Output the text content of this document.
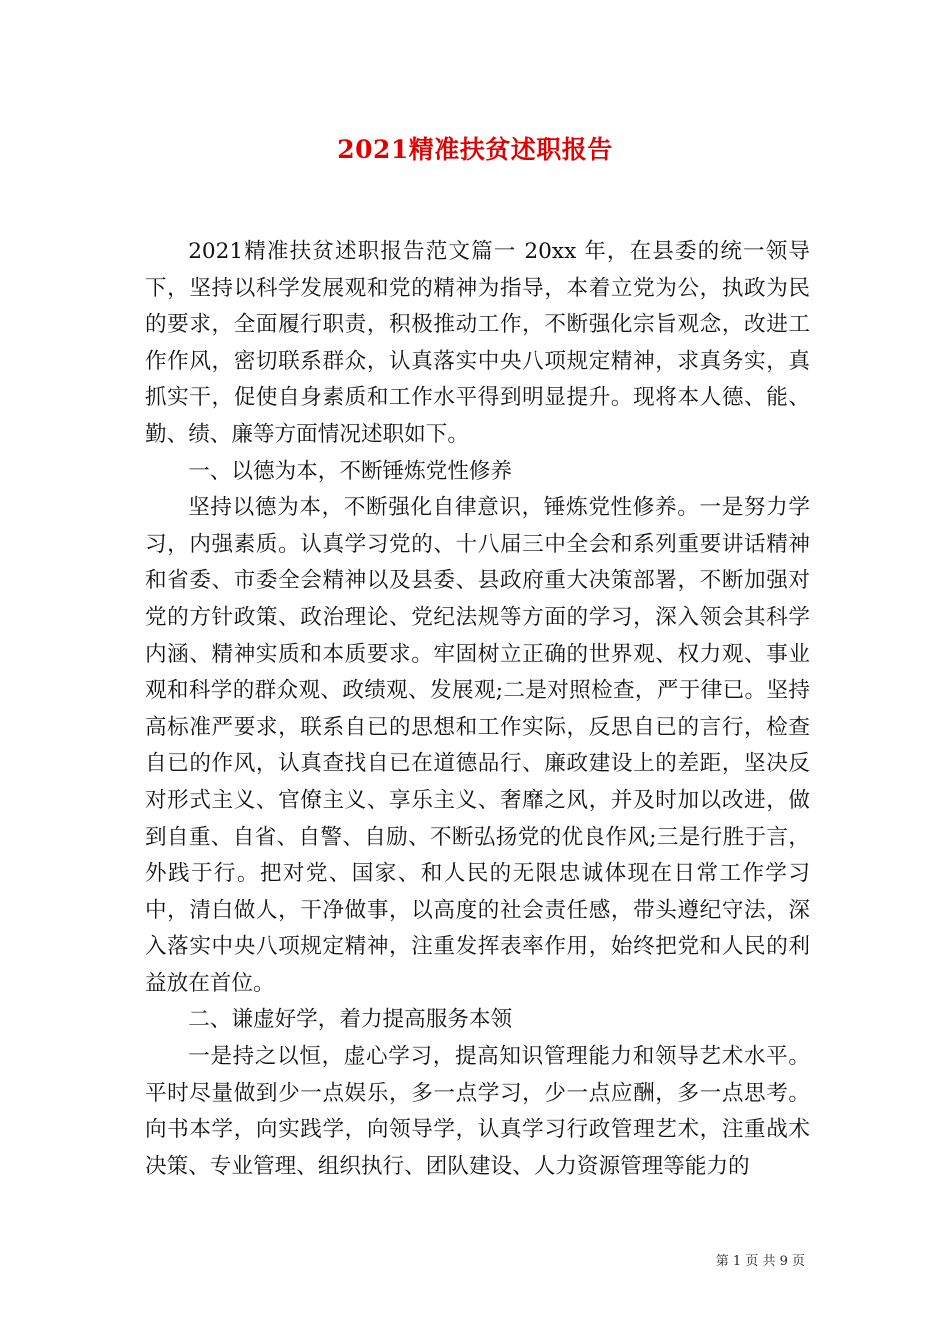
2021精准扶贫述职报告

2021精准扶贫述职报告范文篇一 20xx 年，在县委的统一领导下，坚持以科学发展观和党的精神为指导，本着立党为公，执政为民的要求，全面履行职责，积极推动工作，不断强化宗旨观念，改进工作作风，密切联系群众，认真落实中央八项规定精神，求真务实，真抓实干，促使自身素质和工作水平得到明显提升。现将本人德、能、勤、绩、廉等方面情况述职如下。

一、以德为本，不断锤炼党性修养

坚持以德为本，不断强化自律意识，锤炼党性修养。一是努力学习，内强素质。认真学习党的、十八届三中全会和系列重要讲话精神和省委、市委全会精神以及县委、县政府重大决策部署，不断加强对党的方针政策、政治理论、党纪法规等方面的学习，深入领会其科学内涵、精神实质和本质要求。牢固树立正确的世界观、权力观、事业观和科学的群众观、政绩观、发展观;二是对照检查，严于律已。坚持高标准严要求，联系自已的思想和工作实际，反思自已的言行，检查自已的作风，认真查找自已在道德品行、廉政建设上的差距，坚决反对形式主义、官僚主义、享乐主义、奢靡之风，并及时加以改进，做到自重、自省、自警、自励、不断弘扬党的优良作风;三是行胜于言，外践于行。把对党、国家、和人民的无限忠诚体现在日常工作学习中，清白做人，干净做事，以高度的社会责任感，带头遵纪守法，深入落实中央八项规定精神，注重发挥表率作用，始终把党和人民的利益放在首位。

二、谦虚好学，着力提高服务本领

一是持之以恒，虚心学习，提高知识管理能力和领导艺术水平。平时尽量做到少一点娱乐，多一点学习，少一点应酬，多一点思考。向书本学，向实践学，向领导学，认真学习行政管理艺术，注重战术决策、专业管理、组织执行、团队建设、人力资源管理等能力的

第 1 页 共 9 页
